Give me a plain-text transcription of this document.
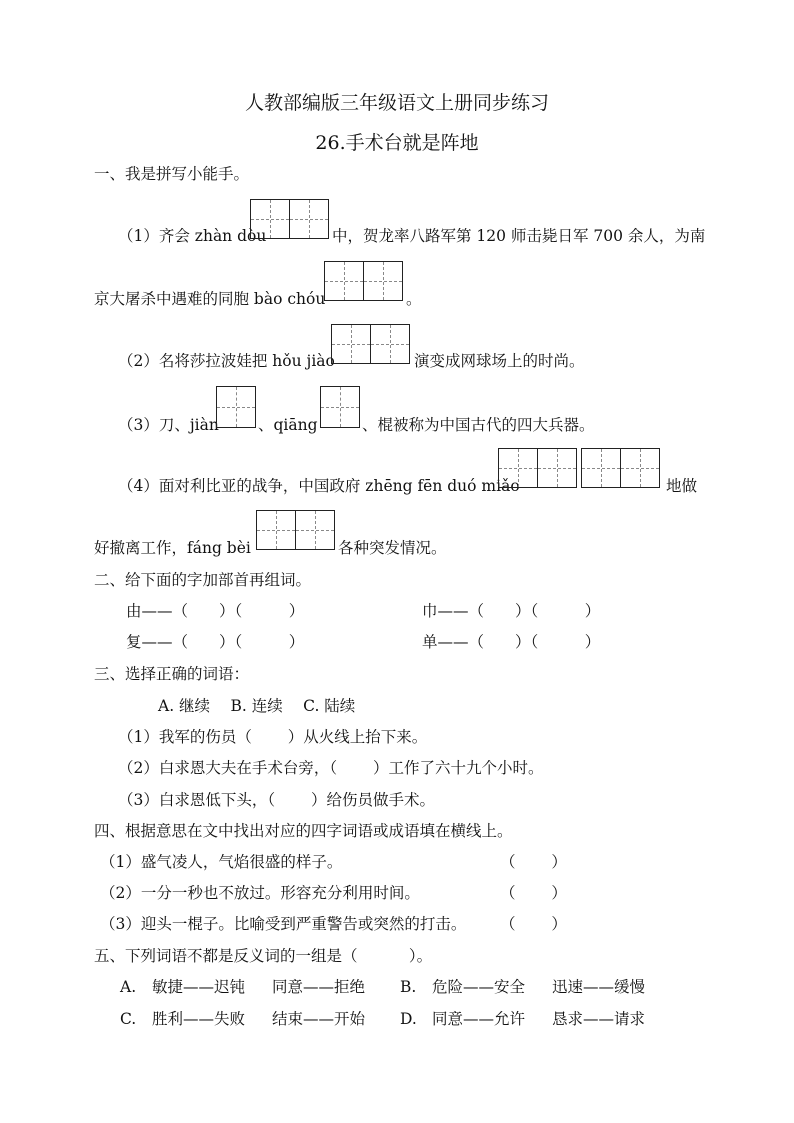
人教部编版三年级语文上册同步练习
26.手术台就是阵地
一、我是拼写小能手。
（1）齐会 zhàn dòu	中，贺龙率八路军第 120 师击毙日军 700 余人，为南
京大屠杀中遇难的同胞 bào chóu	。
（2）名将莎拉波娃把 hǒu jiào	演变成网球场上的时尚。
（3）刀、jiàn	、qiāng	、棍被称为中国古代的四大兵器。
（4）面对利比亚的战争，中国政府 zhēng fēn duó miǎo	地做
好撤离工作，fáng bèi	各种突发情况。
二、给下面的字加部首再组词。
由——（　　）（　　　）	巾——（　　）（　　　）
复——（　　）（　　　）	单——（　　）（　　　）
三、选择正确的词语：
A. 继续　 B. 连续　 C. 陆续
（1）我军的伤员（　　 ）从火线上抬下来。
（2）白求恩大夫在手术台旁，（　　 ）工作了六十九个小时。
（3）白求恩低下头，（　　 ）给伤员做手术。
四、根据意思在文中找出对应的四字词语或成语填在横线上。
（1）盛气凌人，气焰很盛的样子。	（　　 ）
（2）一分一秒也不放过。形容充分利用时间。	（　　 ）
（3）迎头一棍子。比喻受到严重警告或突然的打击。 （　　 ）
五、下列词语不都是反义词的一组是（　　　 ）。
A. 敏捷——迟钝 同意——拒绝 B. 危险——安全 迅速——缓慢
C. 胜利——失败 结束——开始 D. 同意——允许 恳求——请求
